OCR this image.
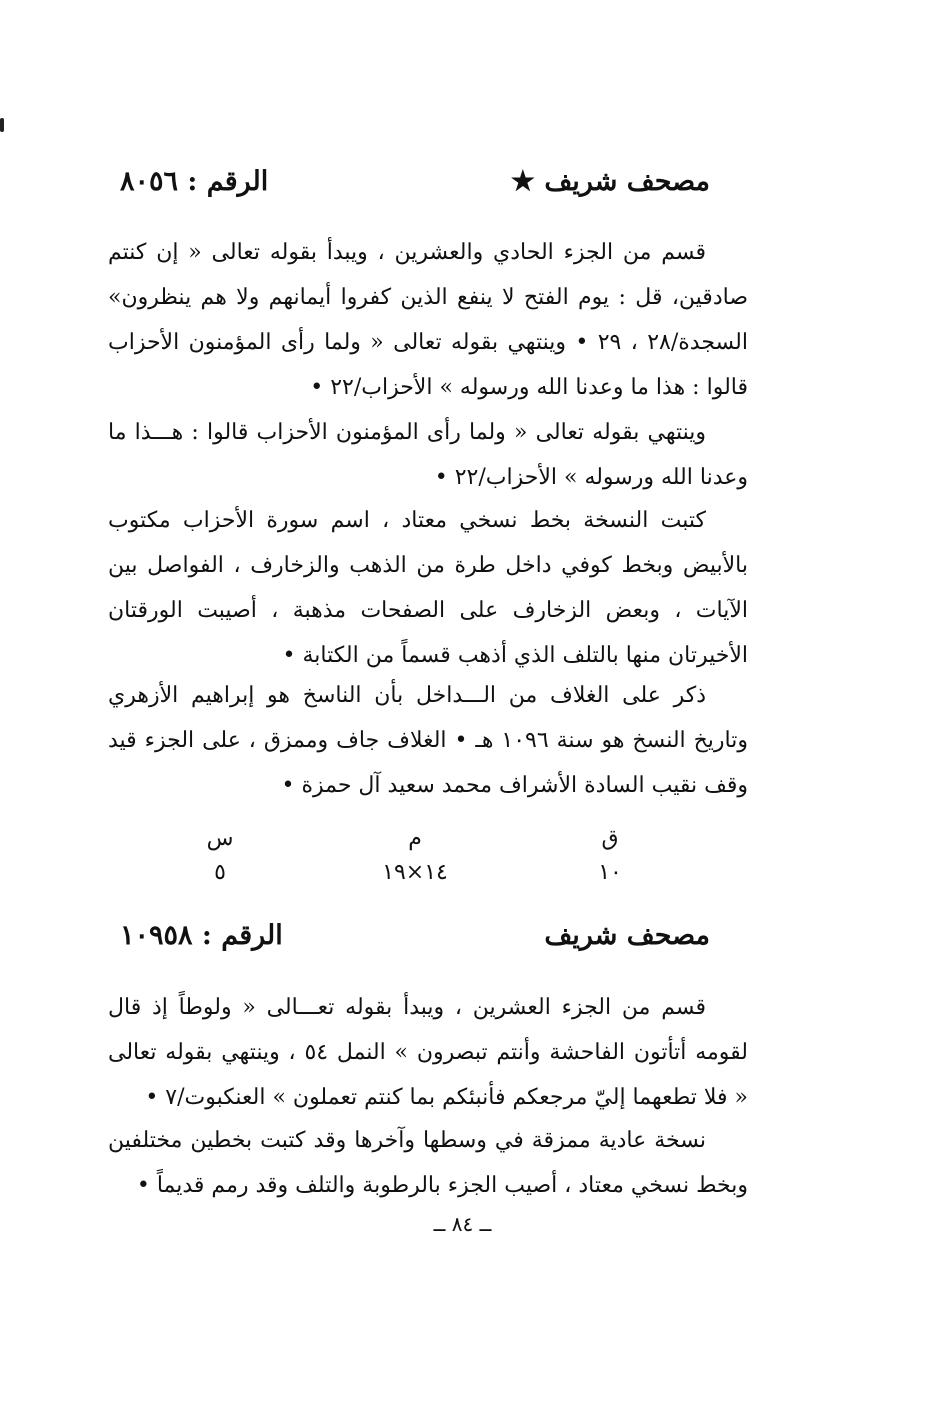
مصحف شريف ★
الرقم : ٨٠٥٦

قسم من الجزء الحادي والعشرين ، ويبدأ بقوله تعالى « إن كنتم صادقين، قل : يوم الفتح لا ينفع الذين كفروا أيمانهم ولا هم ينظرون» السجدة/٢٨ ، ٢٩ • وينتهي بقوله تعالى « ولما رأى المؤمنون الأحزاب قالوا : هذا ما وعدنا الله ورسوله » الأحزاب/٢٢ •

وينتهي بقوله تعالى « ولما رأى المؤمنون الأحزاب قالوا : هـــذا ما وعدنا الله ورسوله » الأحزاب/٢٢ •

كتبت النسخة بخط نسخي معتاد ، اسم سورة الأحزاب مكتوب بالأبيض وبخط كوفي داخل طرة من الذهب والزخارف ، الفواصل بين الآيات ، وبعض الزخارف على الصفحات مذهبة ، أصيبت الورقتان الأخيرتان منها بالتلف الذي أذهب قسماً من الكتابة •

ذكر على الغلاف من الـــداخل بأن الناسخ هو إبراهيم الأزهري وتاريخ النسخ هو سنة ١٠٩٦ هـ • الغلاف جاف وممزق ، على الجزء قيد وقف نقيب السادة الأشراف محمد سعيد آل حمزة •

ق
١٠
م
١٤×١٩
س
٥
مصحف شريف
الرقم : ١٠٩٥٨

قسم من الجزء العشرين ، ويبدأ بقوله تعـــالى « ولوطاً إذ قال لقومه أتأتون الفاحشة وأنتم تبصرون » النمل ٥٤ ، وينتهي بقوله تعالى « فلا تطعهما إليّ مرجعكم فأنبئكم بما كنتم تعملون » العنكبوت/٧ •

نسخة عادية ممزقة في وسطها وآخرها وقد كتبت بخطين مختلفين وبخط نسخي معتاد ، أصيب الجزء بالرطوبة والتلف وقد رمم قديماً •

ــ ٨٤ ــ
